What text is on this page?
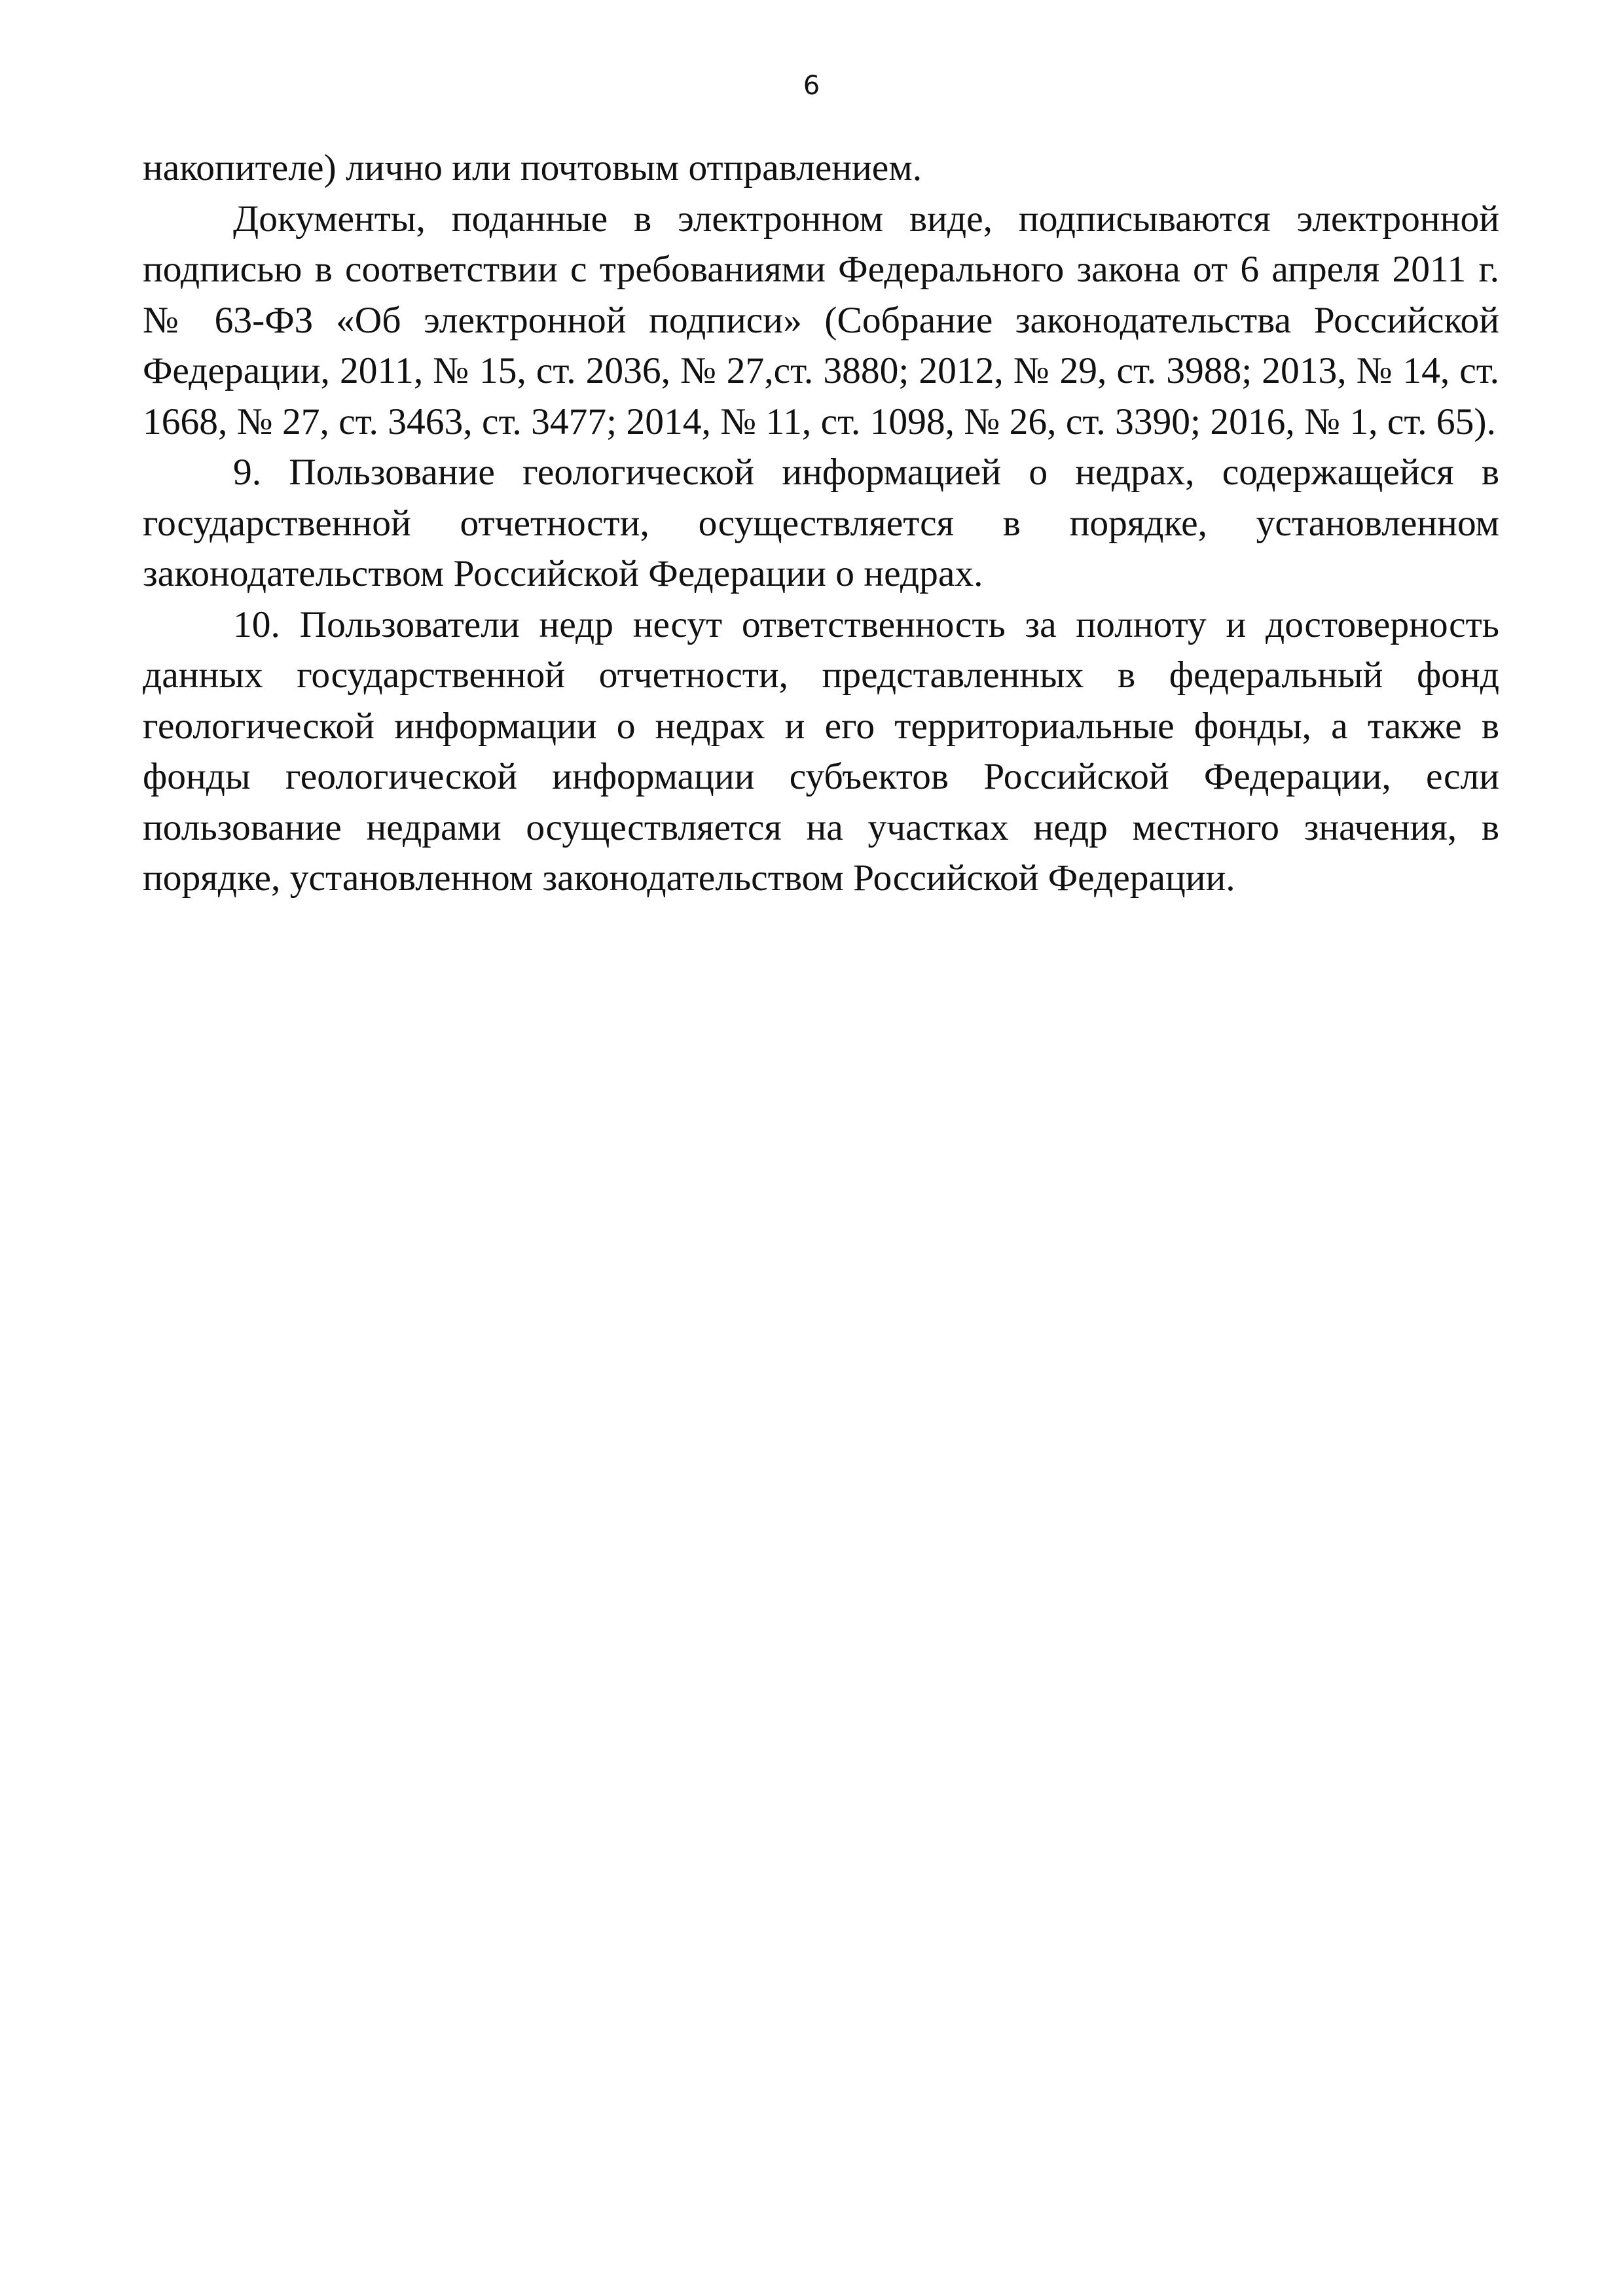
6

накопителе) лично или почтовым отправлением.

Документы, поданные в электронном виде, подписываются электронной подписью в соответствии с требованиями Федерального закона от 6 апреля 2011 г. № 63-ФЗ «Об электронной подписи» (Собрание законодательства Российской Федерации, 2011, № 15, ст. 2036, № 27,ст. 3880; 2012, № 29, ст. 3988; 2013, № 14, ст. 1668, № 27, ст. 3463, ст. 3477; 2014, № 11, ст. 1098, № 26, ст. 3390; 2016, № 1, ст. 65).

9. Пользование геологической информацией о недрах, содержащейся в государственной отчетности, осуществляется в порядке, установленном законодательством Российской Федерации о недрах.

10. Пользователи недр несут ответственность за полноту и достоверность данных государственной отчетности, представленных в федеральный фонд геологической информации о недрах и его территориальные фонды, а также в фонды геологической информации субъектов Российской Федерации, если пользование недрами осуществляется на участках недр местного значения, в порядке, установленном законодательством Российской Федерации.
